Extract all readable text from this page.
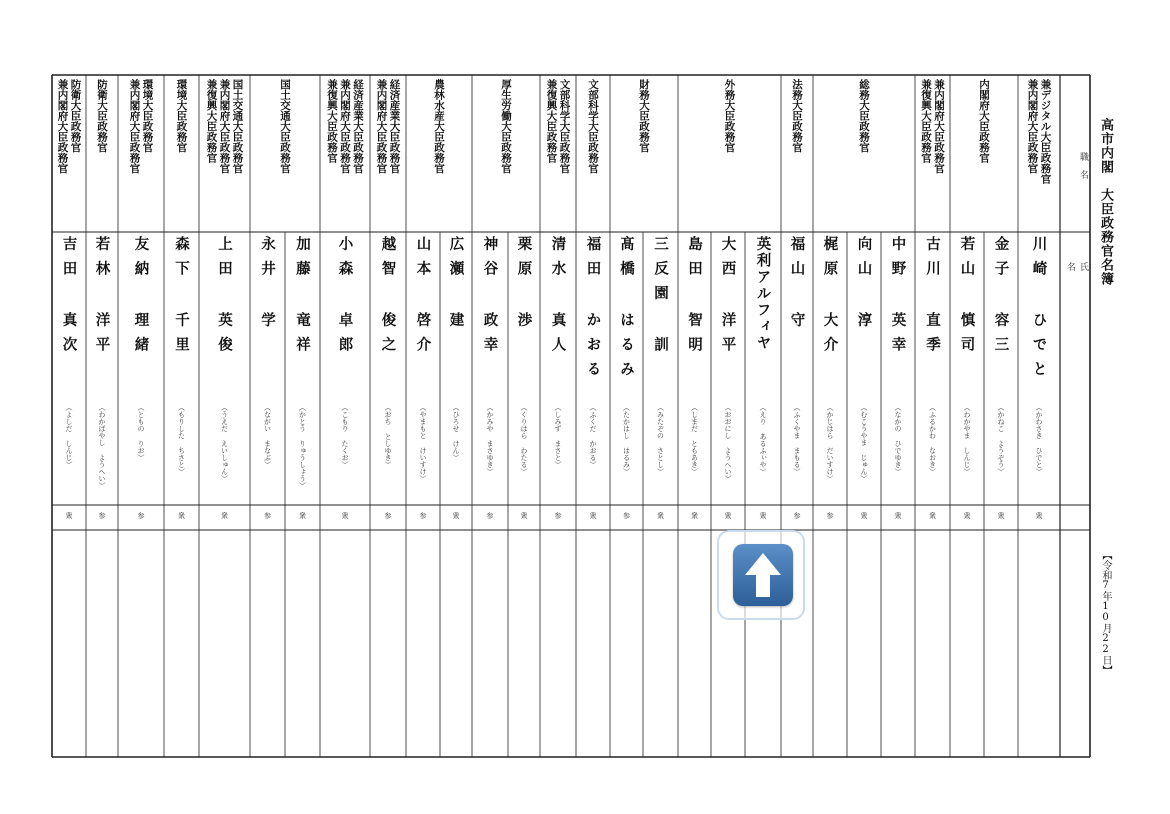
高市内閣　大臣政務官名簿
【令和7年10月22日】
職　名
氏　名
兼デジタル大臣政務官
兼内閣府大臣政務官
川崎 ひでと
（かわさき ひでと）
衆
内閣府大臣政務官
金子 容三
（かねこ ようぞう）
衆
若山 慎司
（わかやま しんじ）
衆
兼内閣府大臣政務官
兼復興大臣政務官
古川 直季
（ふるかわ なおき）
衆
総務大臣政務官
中野 英幸
（なかの ひでゆき）
衆
向山 淳
（むこうやま じゅん）
衆
梶原 大介
（かじはら だいすけ）
参
法務大臣政務官
福山 守
（ふくやま まもる）
参
外務大臣政務官
英利アルフィヤ
（えり あるふぃや）
衆
大西 洋平
（おおにし ようへい）
衆
島田 智明
（しまだ ともあき）
衆
財務大臣政務官
三反園 訓
（みたぞの さとし）
衆
髙橋 はるみ
（たかはし はるみ）
参
文部科学大臣政務官
福田 かおる
（ふくだ かおる）
衆
文部科学大臣政務官
兼復興大臣政務官
清水 真人
（しみず まさと）
参
厚生労働大臣政務官
栗原 渉
（くりはら わたる）
衆
神谷 政幸
（かみや まさゆき）
参
農林水産大臣政務官
広瀬 建
（ひろせ けん）
衆
山本 啓介
（やまもと けいすけ）
参
経済産業大臣政務官
兼内閣府大臣政務官
越智 俊之
（おち としゆき）
参
経済産業大臣政務官
兼内閣府大臣政務官
兼復興大臣政務官
小森 卓郎
（こもり たくお）
衆
国土交通大臣政務官
加藤 竜祥
（かとう りゅうしょう）
衆
永井 学
（ながい まなぶ）
参
国土交通大臣政務官
兼内閣府大臣政務官
兼復興大臣政務官
上田 英俊
（うえだ えいしゅん）
衆
環境大臣政務官
森下 千里
（もりした ちさと）
衆
環境大臣政務官
兼内閣府大臣政務官
友納 理緒
（ともの りお）
参
防衛大臣政務官
若林 洋平
（わかばやし ようへい）
参
防衛大臣政務官
兼内閣府大臣政務官
吉田 真次
（よしだ しんじ）
衆
